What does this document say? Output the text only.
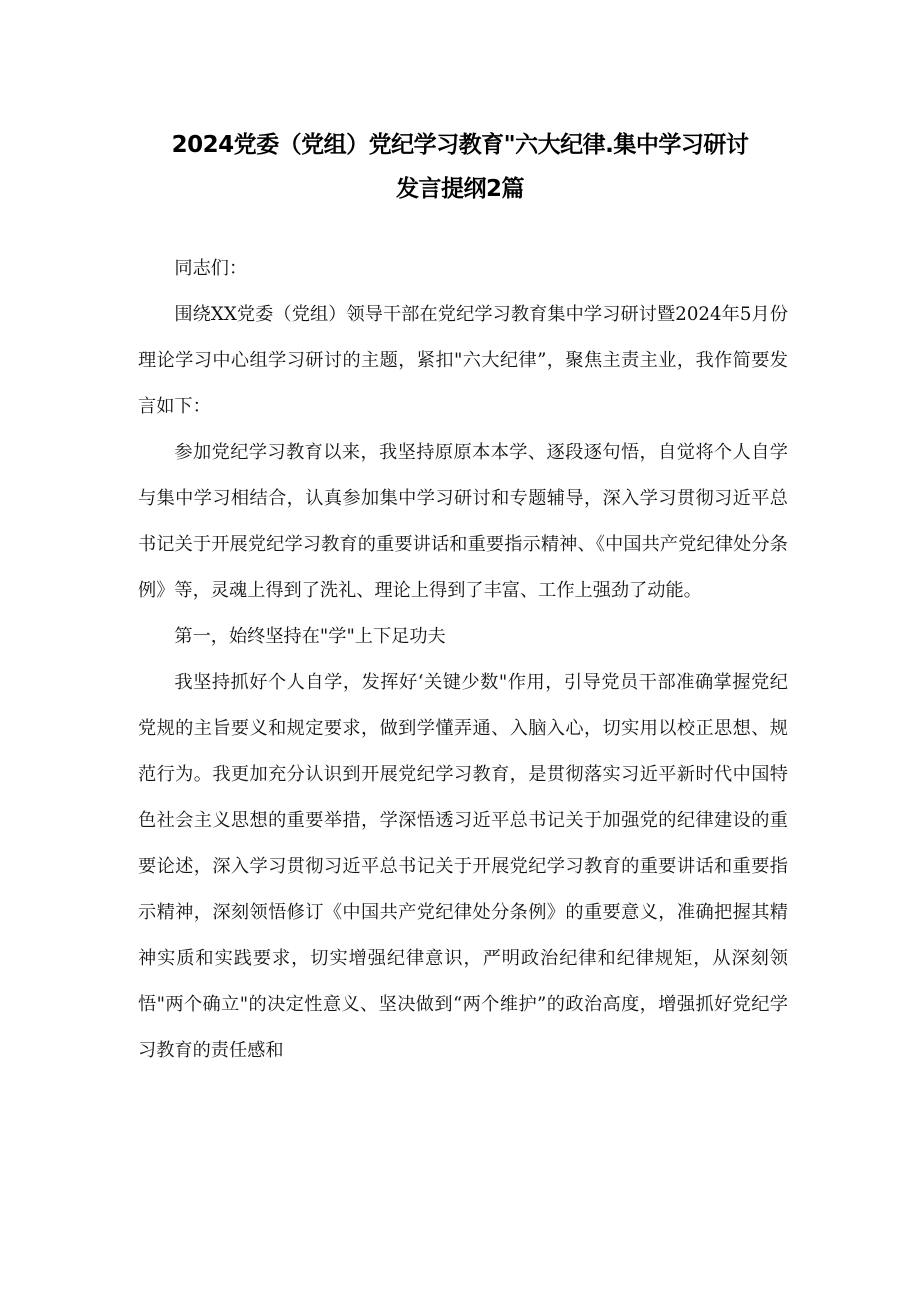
2024党委（党组）党纪学习教育"六大纪律.集中学习研讨
发言提纲2篇

同志们：

围绕XX党委（党组）领导干部在党纪学习教育集中学习研讨暨2024年5月份理论学习中心组学习研讨的主题，紧扣"六大纪律”，聚焦主责主业，我作简要发言如下：

参加党纪学习教育以来，我坚持原原本本学、逐段逐句悟，自觉将个人自学与集中学习相结合，认真参加集中学习研讨和专题辅导，深入学习贯彻习近平总书记关于开展党纪学习教育的重要讲话和重要指示精神、《中国共产党纪律处分条例》等，灵魂上得到了洗礼、理论上得到了丰富、工作上强劲了动能。

第一，始终坚持在"学"上下足功夫

我坚持抓好个人自学，发挥好‘关键少数"作用，引导党员干部准确掌握党纪党规的主旨要义和规定要求，做到学懂弄通、入脑入心，切实用以校正思想、规范行为。我更加充分认识到开展党纪学习教育，是贯彻落实习近平新时代中国特色社会主义思想的重要举措，学深悟透习近平总书记关于加强党的纪律建设的重要论述，深入学习贯彻习近平总书记关于开展党纪学习教育的重要讲话和重要指示精神，深刻领悟修订《中国共产党纪律处分条例》的重要意义，准确把握其精神实质和实践要求，切实增强纪律意识，严明政治纪律和纪律规矩，从深刻领悟"两个确立"的决定性意义、坚决做到“两个维护”的政治高度，增强抓好党纪学习教育的责任感和
